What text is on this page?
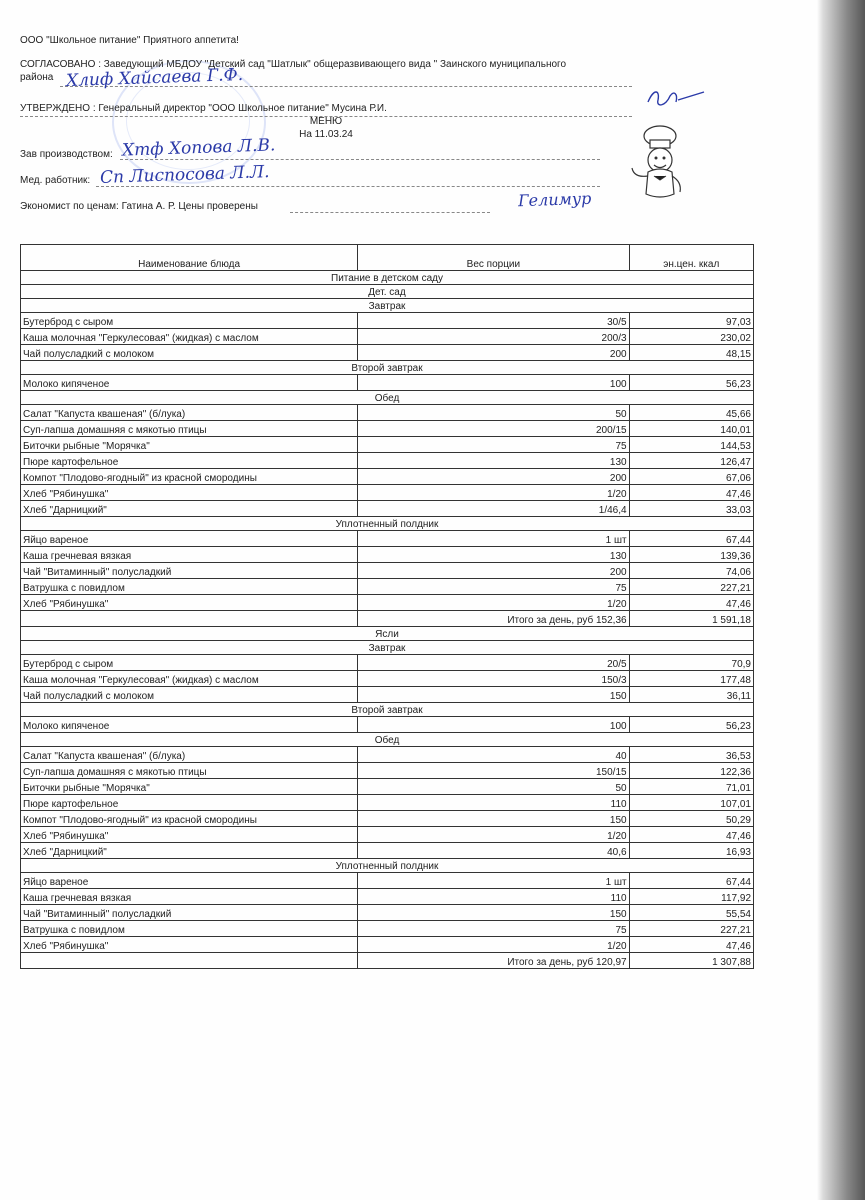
ООО "Школьное питание" Приятного аппетита!
СОГЛАСОВАНО : Заведующий МБДОУ "Детский сад "Шатлык" общеразвивающего вида " Заинского муниципального
района Хлиф Хайсаева Г.Ф.
УТВЕРЖДЕНО : Генеральный директор "ООО Школьное питание" Мусина Р.И.
МЕНЮ
На 11.03.24
Зав производством: Хтф Хопова Л.В.
Мед. работник: Сп Лиспосова Л.Л.
Экономист по ценам: Гатина А. Р. Цены проверены	Гелимур
Наименование блюда	Вес порции	эн.цен. ккал
Питание в детском саду		
Дет. сад		
Завтрак		
Бутерброд с сыром	30/5	97,03
Каша молочная "Геркулесовая" (жидкая) с маслом	200/3	230,02
Чай полусладкий с молоком	200	48,15
Второй завтрак		
Молоко кипяченое	100	56,23
Обед		
Салат "Капуста квашеная" (б/лука)	50	45,66
Суп-лапша домашняя с мякотью птицы	200/15	140,01
Биточки рыбные "Морячка"	75	144,53
Пюре картофельное	130	126,47
Компот "Плодово-ягодный" из красной смородины	200	67,06
Хлеб "Рябинушка"	1/20	47,46
Хлеб "Дарницкий"	1/46,4	33,03
Уплотненный полдник		
Яйцо вареное	1 шт	67,44
Каша гречневая вязкая	130	139,36
Чай "Витаминный" полусладкий	200	74,06
Ватрушка с повидлом	75	227,21
Хлеб "Рябинушка"	1/20	47,46
	Итого за день, руб 152,36	1 591,18
Ясли		
Завтрак		
Бутерброд с сыром	20/5	70,9
Каша молочная "Геркулесовая" (жидкая) с маслом	150/3	177,48
Чай полусладкий с молоком	150	36,11
Второй завтрак		
Молоко кипяченое	100	56,23
Обед		
Салат "Капуста квашеная" (б/лука)	40	36,53
Суп-лапша домашняя с мякотью птицы	150/15	122,36
Биточки рыбные "Морячка"	50	71,01
Пюре картофельное	110	107,01
Компот "Плодово-ягодный" из красной смородины	150	50,29
Хлеб "Рябинушка"	1/20	47,46
Хлеб "Дарницкий"	40,6	16,93
Уплотненный полдник		
Яйцо вареное	1 шт	67,44
Каша гречневая вязкая	110	117,92
Чай "Витаминный" полусладкий	150	55,54
Ватрушка с повидлом	75	227,21
Хлеб "Рябинушка"	1/20	47,46
	Итого за день, руб 120,97	1 307,88
